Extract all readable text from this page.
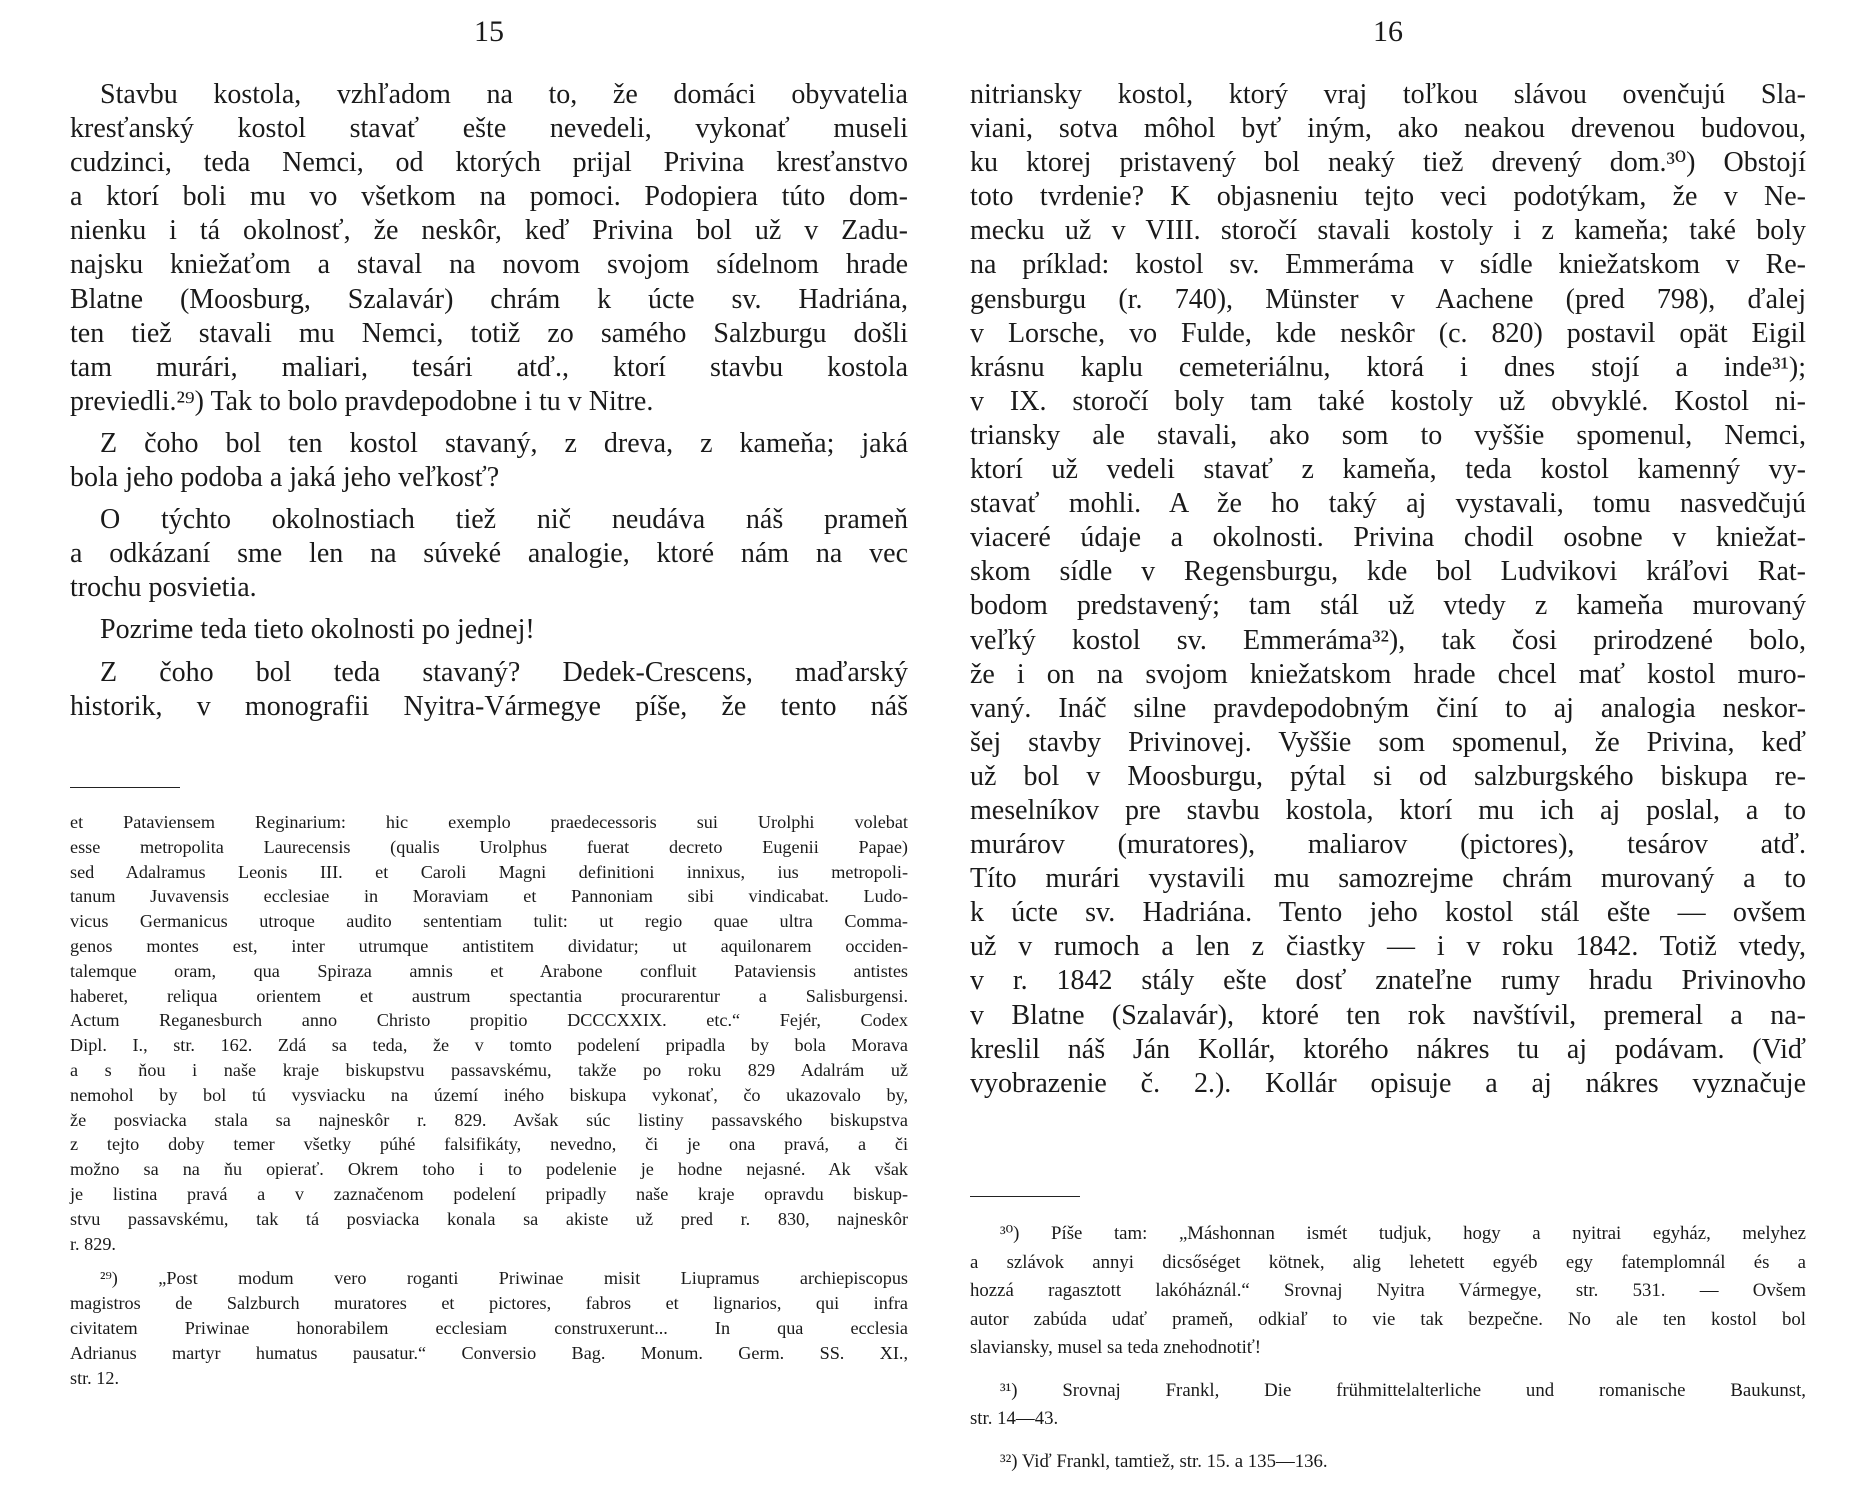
15
Stavbu kostola, vzhľadom na to, že domáci obyvatelia
kresťanský kostol stavať ešte nevedeli, vykonať museli
cudzinci, teda Nemci, od ktorých prijal Privina kresťanstvo
a ktorí boli mu vo všetkom na pomoci. Podopiera túto dom-
nienku i tá okolnosť, že neskôr, keď Privina bol už v Zadu-
najsku kniežaťom a staval na novom svojom sídelnom hrade
Blatne (Moosburg, Szalavár) chrám k úcte sv. Hadriána,
ten tiež stavali mu Nemci, totiž zo samého Salzburgu došli
tam murári, maliari, tesári atď., ktorí stavbu kostola
previedli.²⁹) Tak to bolo pravdepodobne i tu v Nitre.
Z čoho bol ten kostol stavaný, z dreva, z kameňa; jaká
bola jeho podoba a jaká jeho veľkosť?
O týchto okolnostiach tiež nič neudáva náš prameň
a odkázaní sme len na súveké analogie, ktoré nám na vec
trochu posvietia.
Pozrime teda tieto okolnosti po jednej!
Z čoho bol teda stavaný? Dedek-Crescens, maďarský
historik, v monografii Nyitra-Vármegye píše, že tento náš
et Pataviensem Reginarium: hic exemplo praedecessoris sui Urolphi volebat
esse metropolita Laurecensis (qualis Urolphus fuerat decreto Eugenii Papae)
sed Adalramus Leonis III. et Caroli Magni definitioni innixus, ius metropoli-
tanum Juvavensis ecclesiae in Moraviam et Pannoniam sibi vindicabat. Ludo-
vicus Germanicus utroque audito sententiam tulit: ut regio quae ultra Comma-
genos montes est, inter utrumque antistitem dividatur; ut aquilonarem occiden-
talemque oram, qua Spiraza amnis et Arabone confluit Pataviensis antistes
haberet, reliqua orientem et austrum spectantia procurarentur a Salisburgensi.
Actum Reganesburch anno Christo propitio DCCCXXIX. etc.“ Fejér, Codex
Dipl. I., str. 162. Zdá sa teda, že v tomto podelení pripadla by bola Morava
a s ňou i naše kraje biskupstvu passavskému, takže po roku 829 Adalrám už
nemohol by bol tú vysviacku na území iného biskupa vykonať, čo ukazovalo by,
že posviacka stala sa najneskôr r. 829. Avšak súc listiny passavského biskupstva
z tejto doby temer všetky púhé falsifikáty, nevedno, či je ona pravá, a či
možno sa na ňu opierať. Okrem toho i to podelenie je hodne nejasné. Ak však
je listina pravá a v zaznačenom podelení pripadly naše kraje opravdu biskup-
stvu passavskému, tak tá posviacka konala sa akiste už pred r. 830, najneskôr
r. 829.
²⁹) „Post modum vero roganti Priwinae misit Liupramus archiepiscopus
magistros de Salzburch muratores et pictores, fabros et lignarios, qui infra
civitatem Priwinae honorabilem ecclesiam construxerunt... In qua ecclesia
Adrianus martyr humatus pausatur.“ Conversio Bag. Monum. Germ. SS. XI.,
str. 12.
16
nitriansky kostol, ktorý vraj toľkou slávou ovenčujú Sla-
viani, sotva môhol byť iným, ako neakou drevenou budovou,
ku ktorej pristavený bol neaký tiež drevený dom.³⁰) Obstojí
toto tvrdenie? K objasneniu tejto veci podotýkam, že v Ne-
mecku už v VIII. storočí stavali kostoly i z kameňa; také boly
na príklad: kostol sv. Emmeráma v sídle kniežatskom v Re-
gensburgu (r. 740), Münster v Aachene (pred 798), ďalej
v Lorsche, vo Fulde, kde neskôr (c. 820) postavil opät Eigil
krásnu kaplu cemeteriálnu, ktorá i dnes stojí a inde³¹);
v IX. storočí boly tam také kostoly už obvyklé. Kostol ni-
triansky ale stavali, ako som to vyššie spomenul, Nemci,
ktorí už vedeli stavať z kameňa, teda kostol kamenný vy-
stavať mohli. A že ho taký aj vystavali, tomu nasvedčujú
viaceré údaje a okolnosti. Privina chodil osobne v kniežat-
skom sídle v Regensburgu, kde bol Ludvikovi kráľovi Rat-
bodom predstavený; tam stál už vtedy z kameňa murovaný
veľký kostol sv. Emmeráma³²), tak čosi prirodzené bolo,
že i on na svojom kniežatskom hrade chcel mať kostol muro-
vaný. Ináč silne pravdepodobným činí to aj analogia neskor-
šej stavby Privinovej. Vyššie som spomenul, že Privina, keď
už bol v Moosburgu, pýtal si od salzburgského biskupa re-
meselníkov pre stavbu kostola, ktorí mu ich aj poslal, a to
murárov (muratores), maliarov (pictores), tesárov atď.
Títo murári vystavili mu samozrejme chrám murovaný a to
k úcte sv. Hadriána. Tento jeho kostol stál ešte — ovšem
už v rumoch a len z čiastky — i v roku 1842. Totiž vtedy,
v r. 1842 stály ešte dosť znateľne rumy hradu Privinovho
v Blatne (Szalavár), ktoré ten rok navštívil, premeral a na-
kreslil náš Ján Kollár, ktorého nákres tu aj podávam. (Viď
vyobrazenie č. 2.). Kollár opisuje a aj nákres vyznačuje
³⁰) Píše tam: „Máshonnan ismét tudjuk, hogy a nyitrai egyház, melyhez
a szlávok annyi dicsőséget kötnek, alig lehetett egyéb egy fatemplomnál és a
hozzá ragasztott lakóháznál.“ Srovnaj Nyitra Vármegye, str. 531. — Ovšem
autor zabúda udať prameň, odkiaľ to vie tak bezpečne. No ale ten kostol bol
slaviansky, musel sa teda znehodnotiť!
³¹) Srovnaj Frankl, Die frühmittelalterliche und romanische Baukunst,
str. 14—43.
³²) Viď Frankl, tamtiež, str. 15. a 135—136.
